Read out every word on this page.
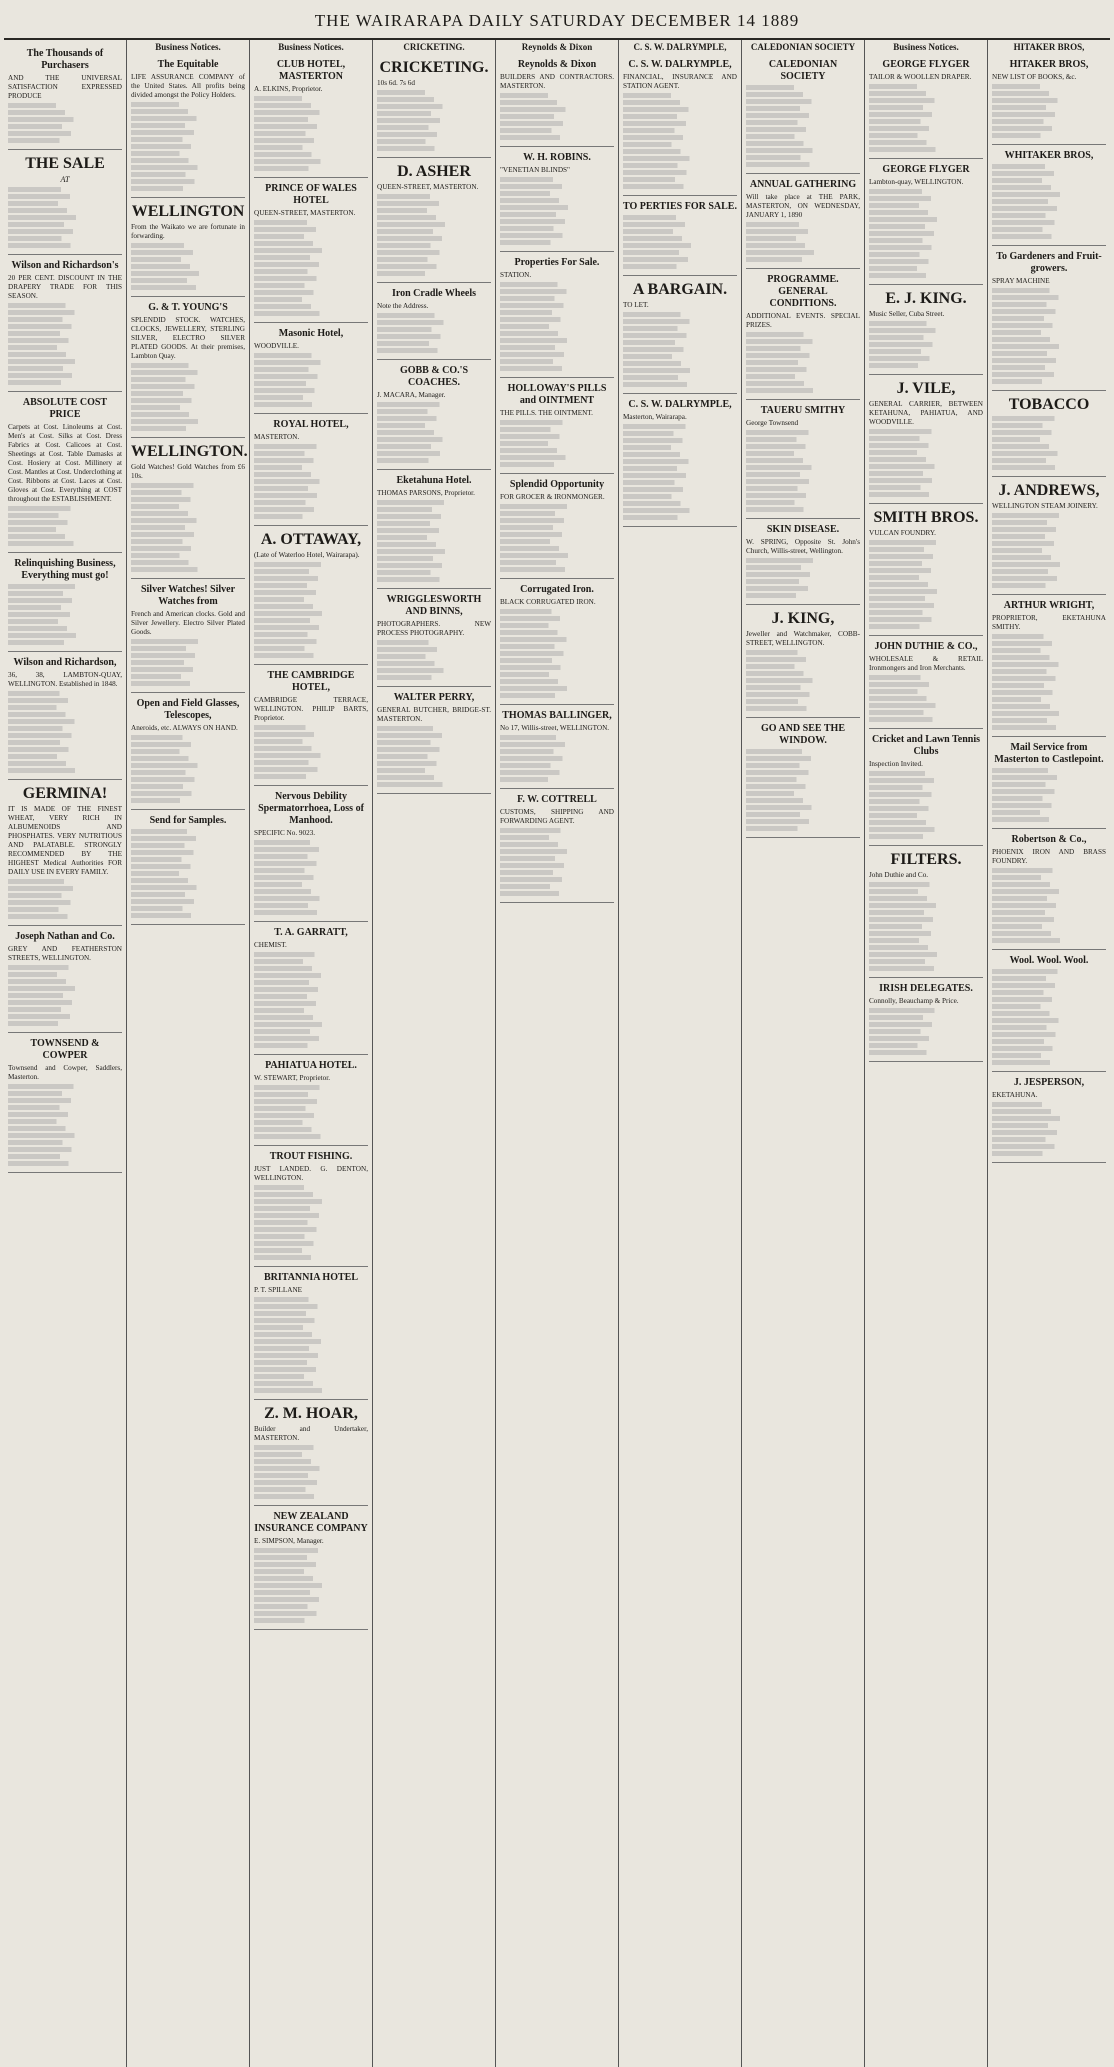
THE WAIRARAPA DAILY SATURDAY DECEMBER 14 1889
The Thousands of Purchasers
AND THE UNIVERSAL SATISFACTION EXPRESSED PRODUCE
THE SALE
AT
Wilson and Richardson's
20 PER CENT. DISCOUNT IN THE DRAPERY TRADE FOR THIS SEASON.
ABSOLUTE COST PRICE
Carpets at Cost. Linoleums at Cost. Men's at Cost. Silks at Cost. Dress Fabrics at Cost. Calicoes at Cost. Sheetings at Cost. Table Damasks at Cost. Hosiery at Cost. Millinery at Cost. Mantles at Cost. Underclothing at Cost. Ribbons at Cost. Laces at Cost. Gloves at Cost. Everything at COST throughout the ESTABLISHMENT.
Relinquishing Business, Everything must go!
Wilson and Richardson,
36, 38, LAMBTON-QUAY, WELLINGTON. Established in 1848.
GERMINA!
IT IS MADE OF THE FINEST WHEAT, VERY RICH IN ALBUMENOIDS AND PHOSPHATES. VERY NUTRITIOUS AND PALATABLE. STRONGLY RECOMMENDED BY THE HIGHEST Medical Authorities FOR DAILY USE IN EVERY FAMILY.
Joseph Nathan and Co.
GREY AND FEATHERSTON STREETS, WELLINGTON.
TOWNSEND & COWPER
Townsend and Cowper, Saddlers, Masterton.
Business Notices.
The Equitable
LIFE ASSURANCE COMPANY of the United States. All profits being divided amongst the Policy Holders.
WELLINGTON
From the Waikato we are fortunate in forwarding.
G. & T. YOUNG'S
SPLENDID STOCK. WATCHES, CLOCKS, JEWELLERY, STERLING SILVER, ELECTRO SILVER PLATED GOODS. At their premises, Lambton Quay.
WELLINGTON.
Gold Watches! Gold Watches from £6 10s.
Silver Watches! Silver Watches from
French and American clocks. Gold and Silver Jewellery. Electro Silver Plated Goods.
Open and Field Glasses, Telescopes,
Aneroids, etc. ALWAYS ON HAND.
Send for Samples.
Business Notices.
CLUB HOTEL, MASTERTON
A. ELKINS, Proprietor.
PRINCE OF WALES HOTEL
QUEEN-STREET, MASTERTON.
Masonic Hotel,
WOODVILLE.
ROYAL HOTEL,
MASTERTON.
A. OTTAWAY,
(Late of Waterloo Hotel, Wairarapa).
THE CAMBRIDGE HOTEL,
CAMBRIDGE TERRACE, WELLINGTON. PHILIP BARTS, Proprietor.
Nervous Debility Spermatorrhoea, Loss of Manhood.
SPECIFIC No. 9023.
T. A. GARRATT,
CHEMIST.
PAHIATUA HOTEL.
W. STEWART, Proprietor.
TROUT FISHING.
JUST LANDED. G. DENTON, WELLINGTON.
BRITANNIA HOTEL
P. T. SPILLANE
Z. M. HOAR,
Builder and Undertaker, MASTERTON.
NEW ZEALAND INSURANCE COMPANY
E. SIMPSON, Manager.
CRICKETING.
CRICKETING.
10s 6d. 7s 6d
D. ASHER
QUEEN-STREET, MASTERTON.
Iron Cradle Wheels
Note the Address.
GOBB & CO.'S COACHES.
J. MACARA, Manager.
Eketahuna Hotel.
THOMAS PARSONS, Proprietor.
WRIGGLESWORTH AND BINNS,
PHOTOGRAPHERS. NEW PROCESS PHOTOGRAPHY.
WALTER PERRY,
GENERAL BUTCHER, BRIDGE-ST. MASTERTON.
Reynolds & Dixon
Reynolds & Dixon
BUILDERS AND CONTRACTORS. MASTERTON.
W. H. ROBINS.
"VENETIAN BLINDS"
Properties For Sale.
STATION.
HOLLOWAY'S PILLS and OINTMENT
THE PILLS. THE OINTMENT.
Splendid Opportunity
FOR GROCER & IRONMONGER.
Corrugated Iron.
BLACK CORRUGATED IRON.
THOMAS BALLINGER,
No 17, Willis-street, WELLINGTON.
F. W. COTTRELL
CUSTOMS, SHIPPING AND FORWARDING AGENT.
C. S. W. DALRYMPLE,
C. S. W. DALRYMPLE,
FINANCIAL, INSURANCE AND STATION AGENT.
TO PERTIES FOR SALE.
A BARGAIN.
TO LET.
C. S. W. DALRYMPLE,
Masterton, Wairarapa.
CALEDONIAN SOCIETY
CALEDONIAN SOCIETY
ANNUAL GATHERING
Will take place at THE PARK, MASTERTON, ON WEDNESDAY, JANUARY 1, 1890
PROGRAMME. GENERAL CONDITIONS.
ADDITIONAL EVENTS. SPECIAL PRIZES.
TAUERU SMITHY
George Townsend
SKIN DISEASE.
W. SPRING, Opposite St. John's Church, Willis-street, Wellington.
J. KING,
Jeweller and Watchmaker, COBB-STREET, WELLINGTON.
GO AND SEE THE WINDOW.
Business Notices.
GEORGE FLYGER
TAILOR & WOOLLEN DRAPER.
GEORGE FLYGER
Lambton-quay, WELLINGTON.
E. J. KING.
Music Seller, Cuba Street.
J. VILE,
GENERAL CARRIER, BETWEEN KETAHUNA, PAHIATUA, AND WOODVILLE.
SMITH BROS.
VULCAN FOUNDRY.
JOHN DUTHIE & CO.,
WHOLESALE & RETAIL Ironmongers and Iron Merchants.
Cricket and Lawn Tennis Clubs
Inspection Invited.
FILTERS.
John Duthie and Co.
IRISH DELEGATES.
Connolly, Beauchamp & Price.
HITAKER BROS,
HITAKER BROS,
NEW LIST OF BOOKS, &c.
WHITAKER BROS,
To Gardeners and Fruit-growers.
SPRAY MACHINE
TOBACCO
J. ANDREWS,
WELLINGTON STEAM JOINERY.
ARTHUR WRIGHT,
PROPRIETOR, EKETAHUNA SMITHY.
Mail Service from Masterton to Castlepoint.
Robertson & Co.,
PHOENIX IRON AND BRASS FOUNDRY.
Wool. Wool. Wool.
J. JESPERSON,
EKETAHUNA.
